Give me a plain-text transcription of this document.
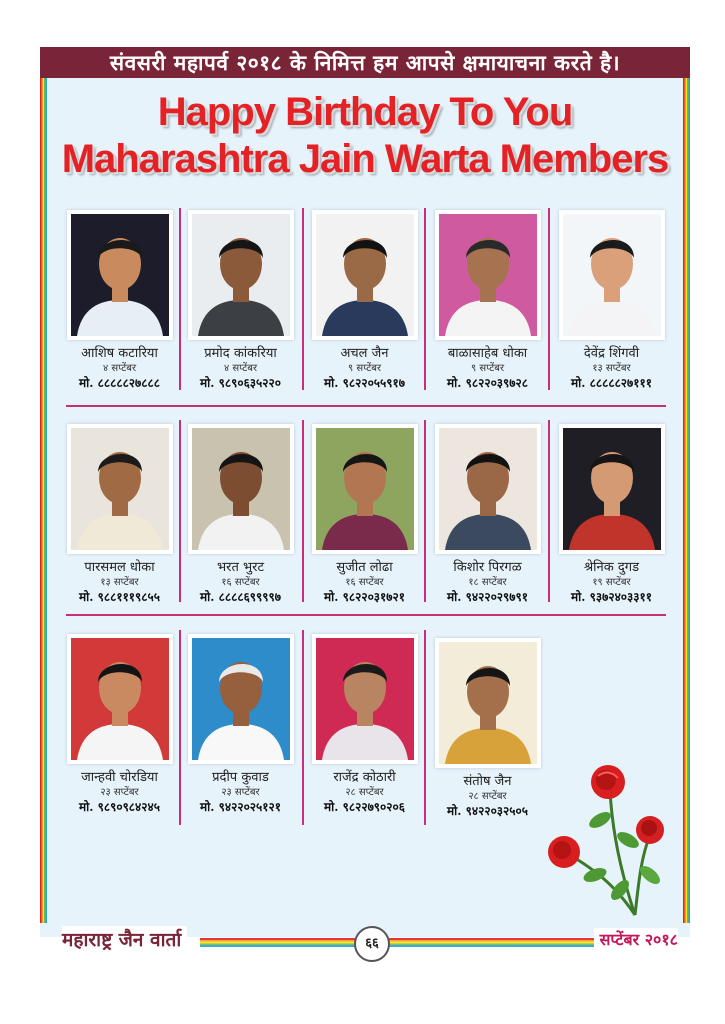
संवसरी महापर्व २०१८ के निमित्त हम आपसे क्षमायाचना करते है।
Happy Birthday To You
Maharashtra Jain Warta Members
आशिष कटारिया
४ सप्टेंबर
मो. ८८८८८२७८८८
प्रमोद कांकरिया
४ सप्टेंबर
मो. ९८९०६३५२२०
अचल जैन
९ सप्टेंबर
मो. ९८२२०५५९१७
बाळासाहेब धोका
९ सप्टेंबर
मो. ९८२२०३९७२८
देवेंद्र शिंगवी
१३ सप्टेंबर
मो. ८८८८८२७१११
पारसमल धोका
१३ सप्टेंबर
मो. ९८८१११९८५५
भरत भुरट
१६ सप्टेंबर
मो. ८८८८६९९९९७
सुजीत लोढा
१६ सप्टेंबर
मो. ९८२२०३१७२१
किशोर पिरगळ
१८ सप्टेंबर
मो. ९४२२०२९७९१
श्रेनिक दुगड
१९ सप्टेंबर
मो. ९३७२४०३३११
जान्हवी चोरडिया
२३ सप्टेंबर
मो. ९८९०९८४२४५
प्रदीप कुवाड
२३ सप्टेंबर
मो. ९४२२०२५१२१
राजेंद्र कोठारी
२८ सप्टेंबर
मो. ९८२२७९०२०६
संतोष जैन
२८ सप्टेंबर
मो. ९४२२०३२५०५
महाराष्ट्र जैन वार्ता	६६	सप्टेंबर २०१८
